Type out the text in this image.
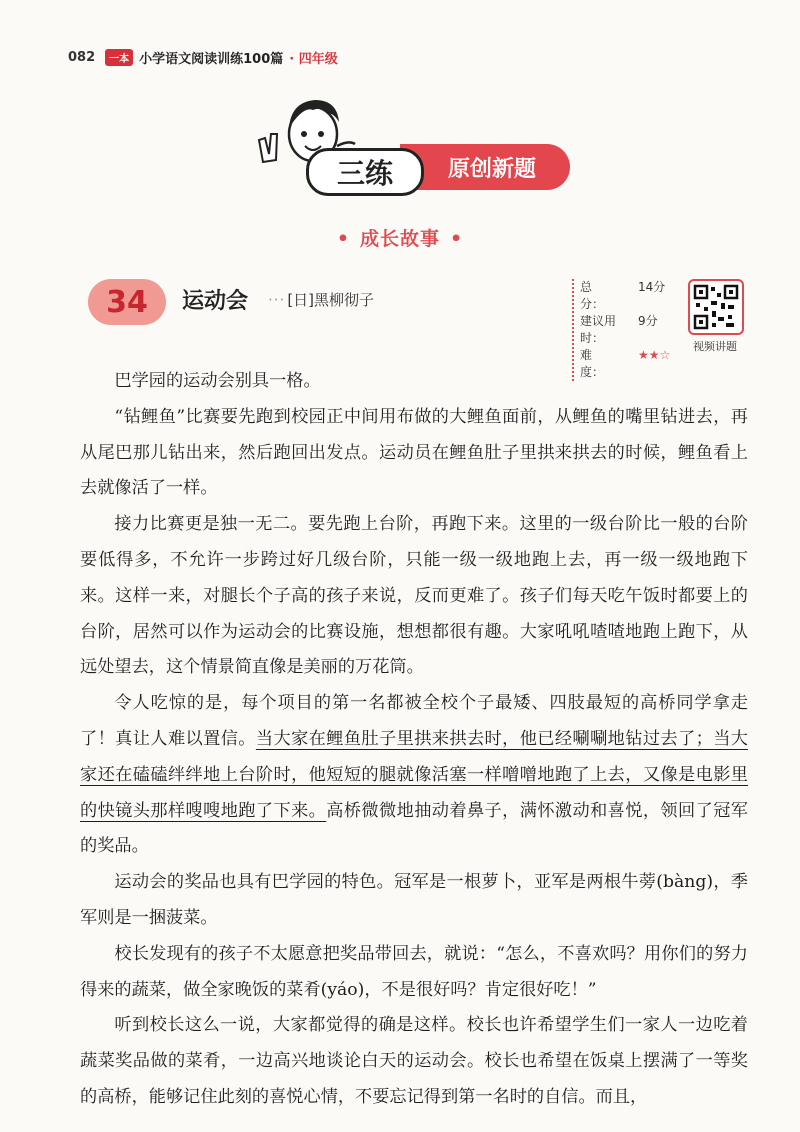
082	一本 小学语文阅读训练100篇 · 四年级
原创新题
三练
• 成长故事 •
34 运动会 ··· [日]黑柳彻子
总　　分：
14分
建议用时：
9分
难　　度：
★★☆
视频讲题

巴学园的运动会别具一格。

“钻鲤鱼”比赛要先跑到校园正中间用布做的大鲤鱼面前，从鲤鱼的嘴里钻进去，再从尾巴那儿钻出来，然后跑回出发点。运动员在鲤鱼肚子里拱来拱去的时候，鲤鱼看上去就像活了一样。

接力比赛更是独一无二。要先跑上台阶，再跑下来。这里的一级台阶比一般的台阶要低得多，不允许一步跨过好几级台阶，只能一级一级地跑上去，再一级一级地跑下来。这样一来，对腿长个子高的孩子来说，反而更难了。孩子们每天吃午饭时都要上的台阶，居然可以作为运动会的比赛设施，想想都很有趣。大家吼吼喳喳地跑上跑下，从远处望去，这个情景简直像是美丽的万花筒。

令人吃惊的是，每个项目的第一名都被全校个子最矮、四肢最短的高桥同学拿走了！真让人难以置信。当大家在鲤鱼肚子里拱来拱去时，他已经唰唰地钻过去了；当大家还在磕磕绊绊地上台阶时，他短短的腿就像活塞一样噌噌地跑了上去，又像是电影里的快镜头那样嗖嗖地跑了下来。高桥微微地抽动着鼻子，满怀激动和喜悦，领回了冠军的奖品。

运动会的奖品也具有巴学园的特色。冠军是一根萝卜，亚军是两根牛蒡(bàng)，季军则是一捆菠菜。

校长发现有的孩子不太愿意把奖品带回去，就说：“怎么，不喜欢吗？用你们的努力得来的蔬菜，做全家晚饭的菜肴(yáo)，不是很好吗？肯定很好吃！”

听到校长这么一说，大家都觉得的确是这样。校长也许希望学生们一家人一边吃着蔬菜奖品做的菜肴，一边高兴地谈论白天的运动会。校长也希望在饭桌上摆满了一等奖的高桥，能够记住此刻的喜悦心情，不要忘记得到第一名时的自信。而且，
